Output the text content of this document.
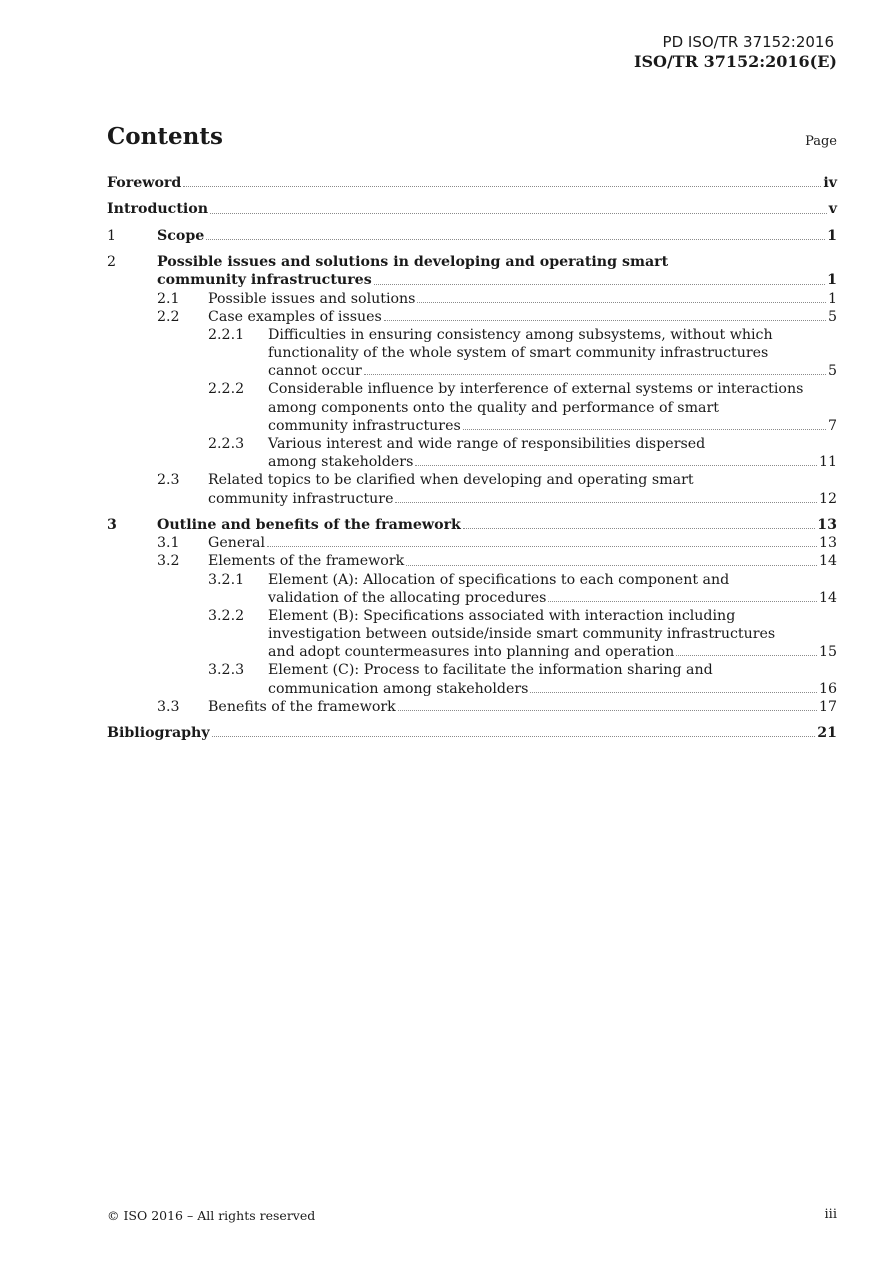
PD ISO/TR 37152:2016
ISO/TR 37152:2016(E)
Contents	Page
Foreword	iv
Introduction	v
1	Scope	1
2	Possible issues and solutions in developing and operating smart
community infrastructures	1
2.1 Possible issues and solutions	1
2.2 Case examples of issues	5
2.2.1 Difficulties in ensuring consistency among subsystems, without which
functionality of the whole system of smart community infrastructures
cannot occur	5
2.2.2 Considerable influence by interference of external systems or interactions
among components onto the quality and performance of smart
community infrastructures	7
2.2.3 Various interest and wide range of responsibilities dispersed
among stakeholders	11
2.3 Related topics to be clarified when developing and operating smart
community infrastructure	12
3	Outline and benefits of the framework	13
3.1 General	13
3.2 Elements of the framework	14
3.2.1 Element (A): Allocation of specifications to each component and
validation of the allocating procedures	14
3.2.2 Element (B): Specifications associated with interaction including
investigation between outside/inside smart community infrastructures
and adopt countermeasures into planning and operation	15
3.2.3 Element (C): Process to facilitate the information sharing and
communication among stakeholders	16
3.3 Benefits of the framework	17
Bibliography	21
© ISO 2016 – All rights reserved	iii
